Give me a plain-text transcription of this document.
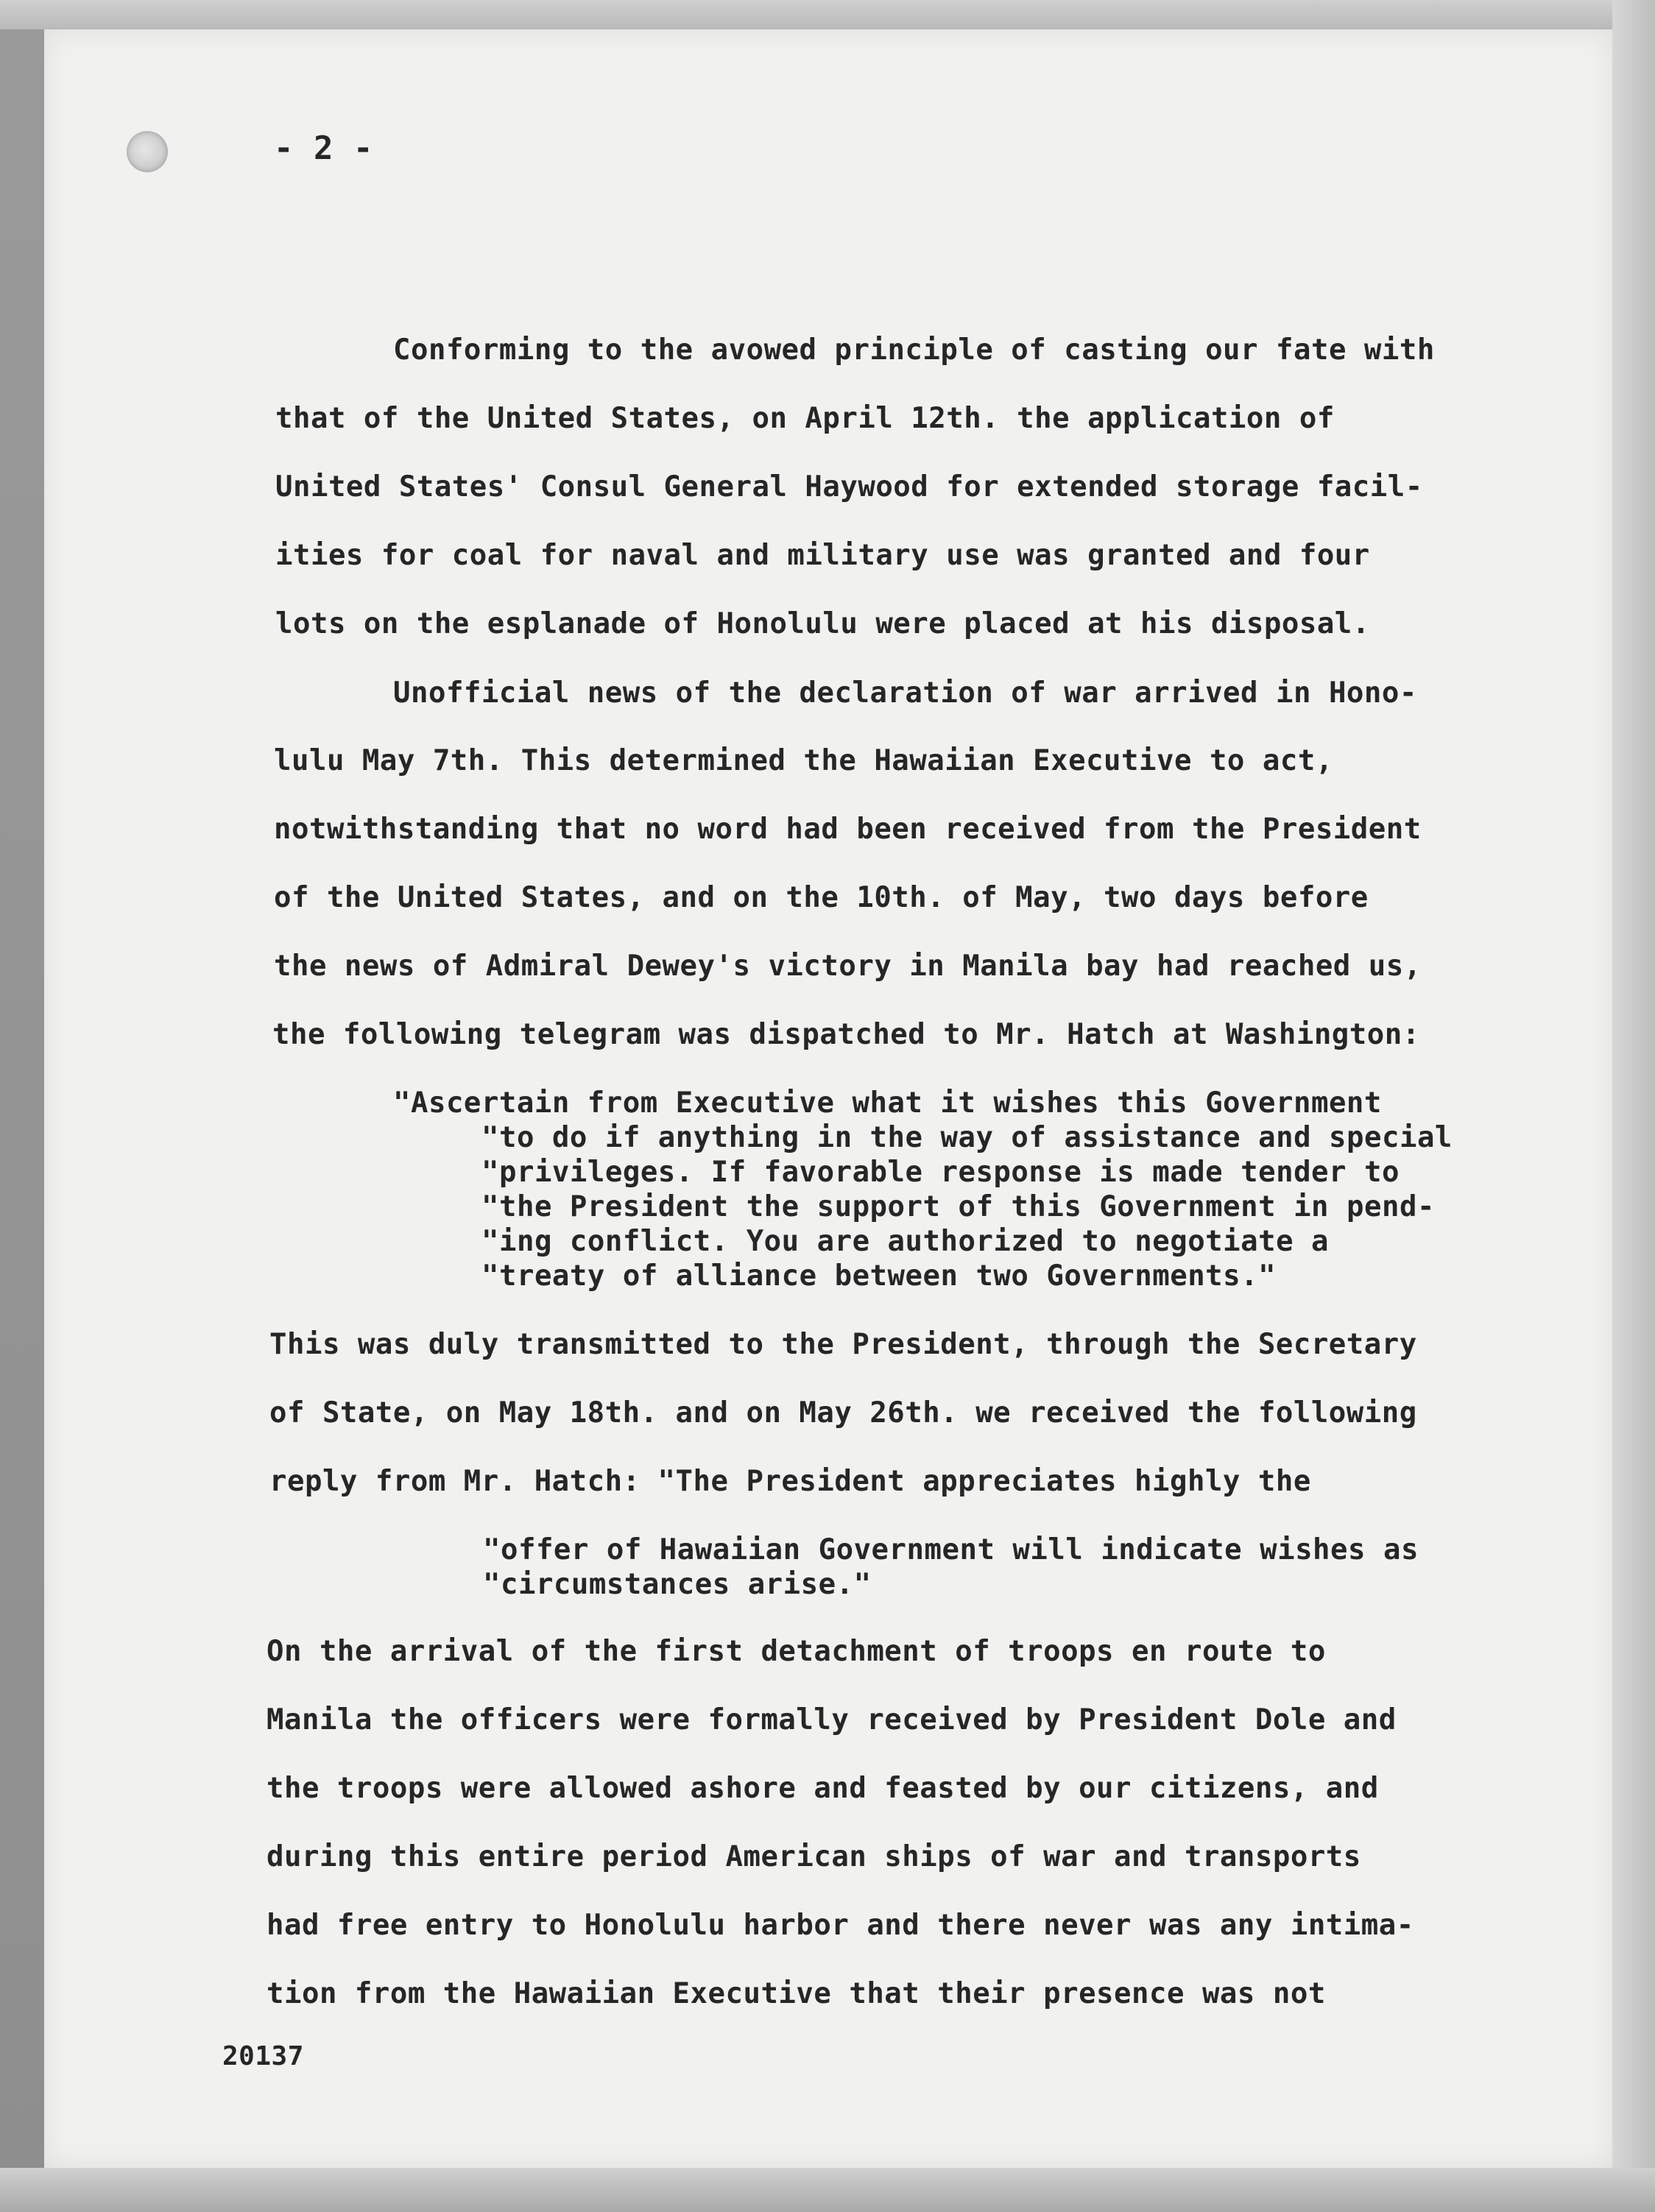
- 2 -
Conforming to the avowed principle of casting our fate with
that of the United States, on April 12th. the application of
United States' Consul General Haywood for extended storage facil-
ities for coal for naval and military use was granted and four
lots on the esplanade of Honolulu were placed at his disposal.
Unofficial news of the declaration of war arrived in Hono-
lulu May 7th. This determined the Hawaiian Executive to act,
notwithstanding that no word had been received from the President
of the United States, and on the 10th. of May, two days before
the news of Admiral Dewey's victory in Manila bay had reached us,
the following telegram was dispatched to Mr. Hatch at Washington:
"Ascertain from Executive what it wishes this Government
"to do if anything in the way of assistance and special
"privileges. If favorable response is made tender to
"the President the support of this Government in pend-
"ing conflict. You are authorized to negotiate a
"treaty of alliance between two Governments."
This was duly transmitted to the President, through the Secretary
of State, on May 18th. and on May 26th. we received the following
reply from Mr. Hatch: "The President appreciates highly the
"offer of Hawaiian Government will indicate wishes as
"circumstances arise."
On the arrival of the first detachment of troops en route to
Manila the officers were formally received by President Dole and
the troops were allowed ashore and feasted by our citizens, and
during this entire period American ships of war and transports
had free entry to Honolulu harbor and there never was any intima-
tion from the Hawaiian Executive that their presence was not
20137
